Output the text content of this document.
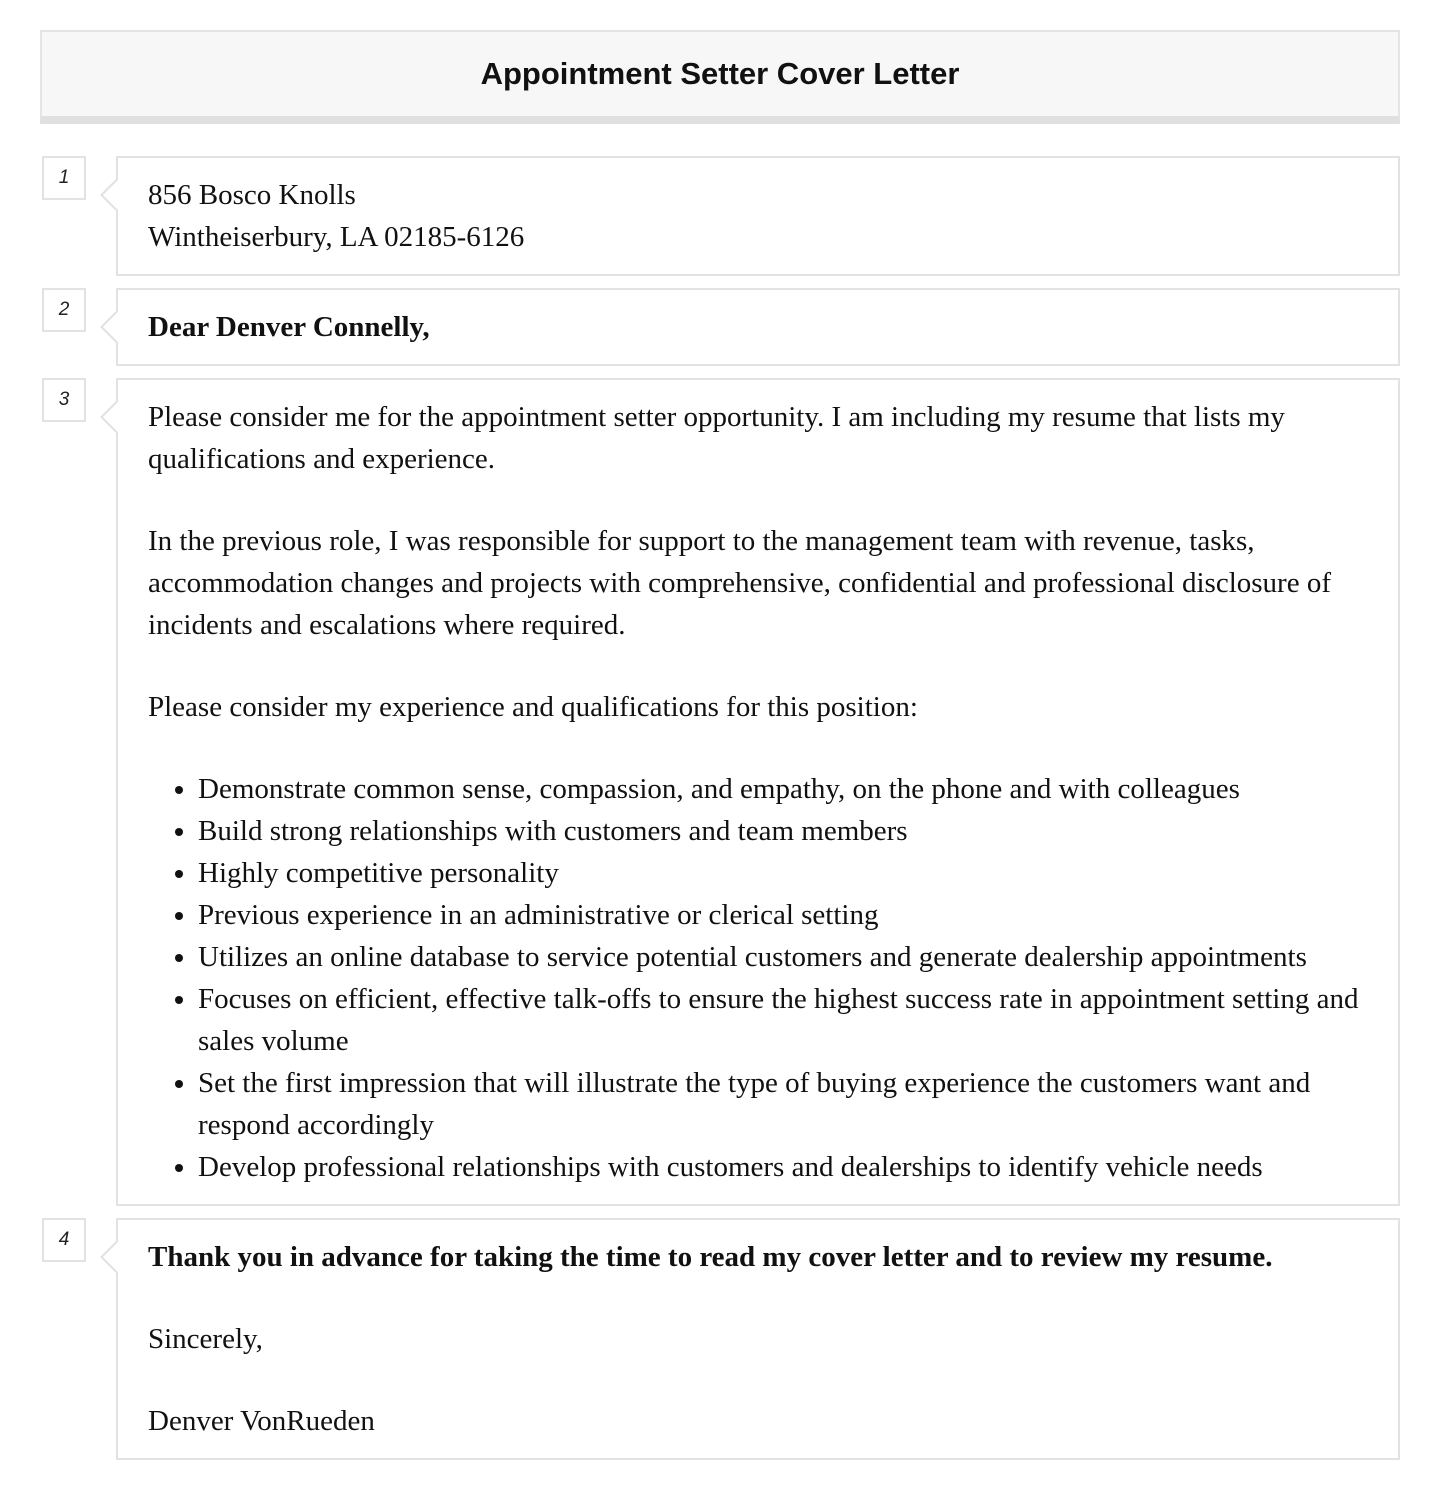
Appointment Setter Cover Letter
1

856 Bosco Knolls

Wintheiserbury, LA 02185-6126

2

Dear Denver Connelly,

3

Please consider me for the appointment setter opportunity. I am including my resume that lists my qualifications and experience.

In the previous role, I was responsible for support to the management team with revenue, tasks, accommodation changes and projects with comprehensive, confidential and professional disclosure of incidents and escalations where required.

Please consider my experience and qualifications for this position:

• Demonstrate common sense, compassion, and empathy, on the phone and with colleagues
• Build strong relationships with customers and team members
• Highly competitive personality
• Previous experience in an administrative or clerical setting
• Utilizes an online database to service potential customers and generate dealership appointments
• Focuses on efficient, effective talk-offs to ensure the highest success rate in appointment setting and sales volume
• Set the first impression that will illustrate the type of buying experience the customers want and respond accordingly
• Develop professional relationships with customers and dealerships to identify vehicle needs
4

Thank you in advance for taking the time to read my cover letter and to review my resume.

Sincerely,

Denver VonRueden
